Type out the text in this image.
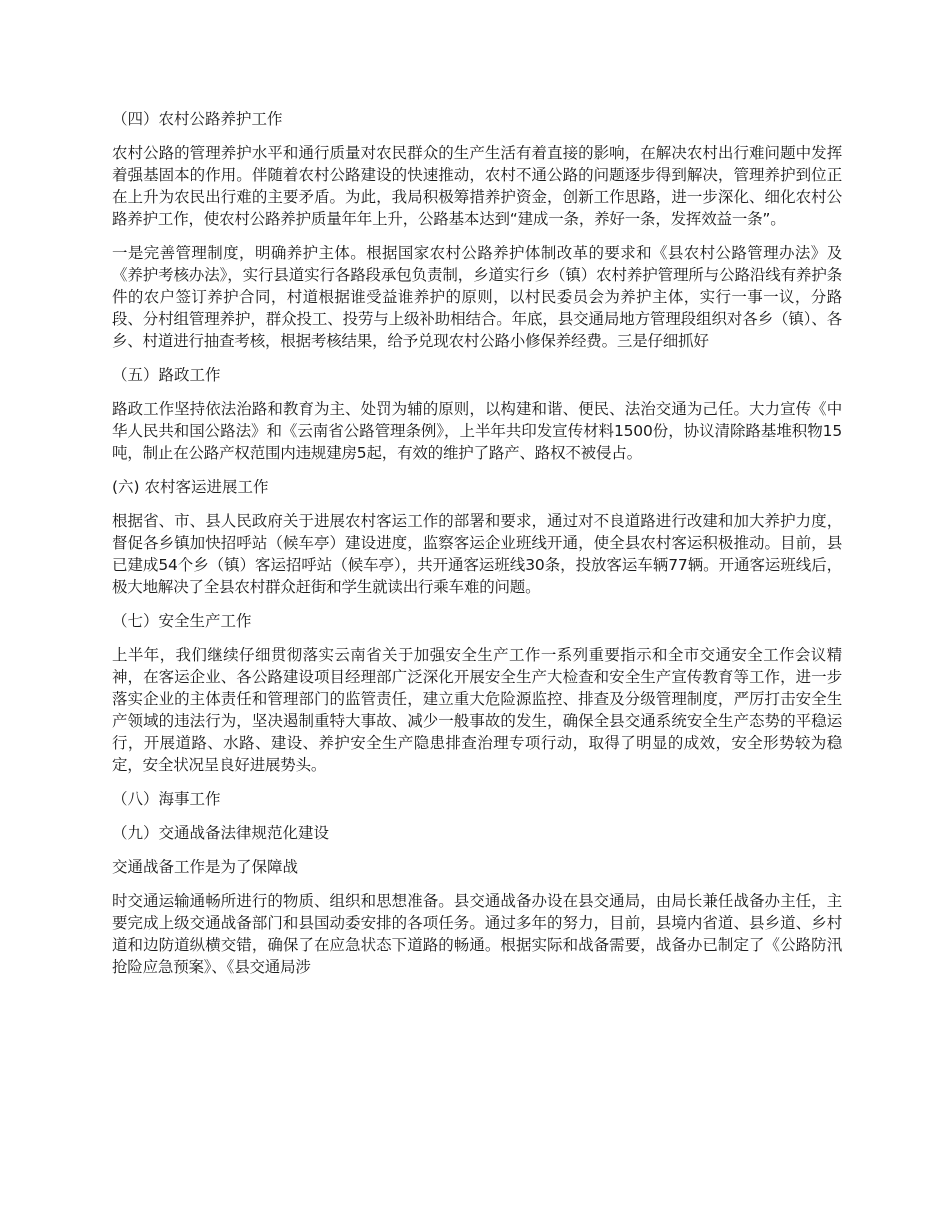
（四）农村公路养护工作
农村公路的管理养护水平和通行质量对农民群众的生产生活有着直接的影响，在解决农村出行难问题中发挥着强基固本的作用。伴随着农村公路建设的快速推动，农村不通公路的问题逐步得到解决，管理养护到位正在上升为农民出行难的主要矛盾。为此，我局积极筹措养护资金，创新工作思路，进一步深化、细化农村公路养护工作，使农村公路养护质量年年上升，公路基本达到“建成一条，养好一条，发挥效益一条”。
一是完善管理制度，明确养护主体。根据国家农村公路养护体制改革的要求和《县农村公路管理办法》及《养护考核办法》，实行县道实行各路段承包负责制，乡道实行乡（镇）农村养护管理所与公路沿线有养护条件的农户签订养护合同，村道根据谁受益谁养护的原则，以村民委员会为养护主体，实行一事一议，分路段、分村组管理养护，群众投工、投劳与上级补助相结合。年底，县交通局地方管理段组织对各乡（镇）、各乡、村道进行抽查考核，根据考核结果，给予兑现农村公路小修保养经费。三是仔细抓好
（五）路政工作
路政工作坚持依法治路和教育为主、处罚为辅的原则，以构建和谐、便民、法治交通为己任。大力宣传《中华人民共和国公路法》和《云南省公路管理条例》，上半年共印发宣传材料1500份，协议清除路基堆积物15吨，制止在公路产权范围内违规建房5起，有效的维护了路产、路权不被侵占。
(六) 农村客运进展工作
根据省、市、县人民政府关于进展农村客运工作的部署和要求，通过对不良道路进行改建和加大养护力度，督促各乡镇加快招呼站（候车亭）建设进度，监察客运企业班线开通，使全县农村客运积极推动。目前，县已建成54个乡（镇）客运招呼站（候车亭），共开通客运班线30条，投放客运车辆77辆。开通客运班线后，极大地解决了全县农村群众赶街和学生就读出行乘车难的问题。
（七）安全生产工作
上半年，我们继续仔细贯彻落实云南省关于加强安全生产工作一系列重要指示和全市交通安全工作会议精神，在客运企业、各公路建设项目经理部广泛深化开展安全生产大检查和安全生产宣传教育等工作，进一步落实企业的主体责任和管理部门的监管责任，建立重大危险源监控、排查及分级管理制度，严厉打击安全生产领域的违法行为，坚决遏制重特大事故、减少一般事故的发生，确保全县交通系统安全生产态势的平稳运行，开展道路、水路、建设、养护安全生产隐患排查治理专项行动，取得了明显的成效，安全形势较为稳定，安全状况呈良好进展势头。
（八）海事工作
（九）交通战备法律规范化建设
交通战备工作是为了保障战
时交通运输通畅所进行的物质、组织和思想准备。县交通战备办设在县交通局，由局长兼任战备办主任，主要完成上级交通战备部门和县国动委安排的各项任务。通过多年的努力，目前，县境内省道、县乡道、乡村道和边防道纵横交错，确保了在应急状态下道路的畅通。根据实际和战备需要，战备办已制定了《公路防汛抢险应急预案》、《县交通局涉
